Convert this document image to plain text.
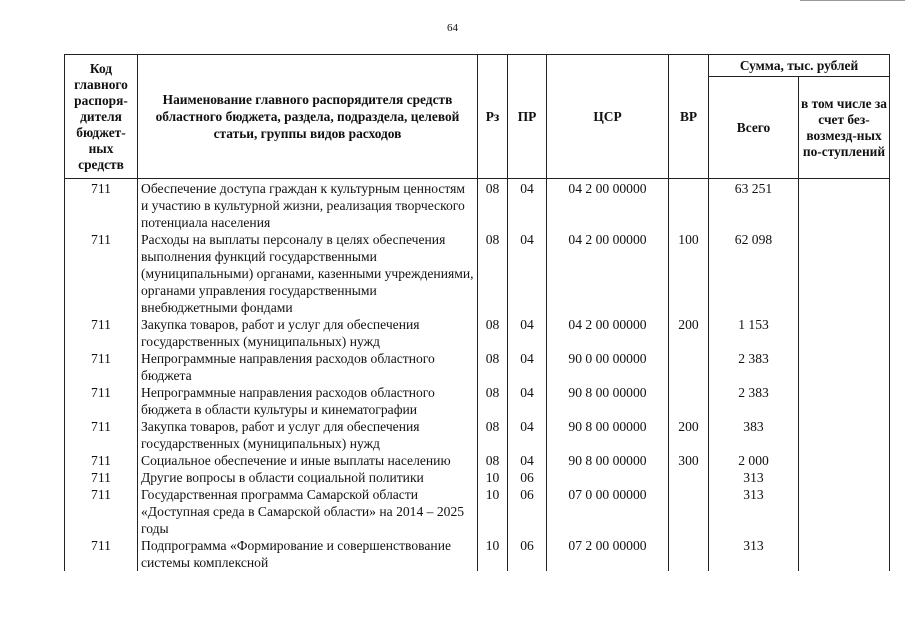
64
Код главного распоря-дителя бюджет-ных средств	Наименование главного распорядителя средств областного бюджета, раздела, подраздела, целевой статьи, группы видов расходов	Рз	ПР	ЦСР	ВР	Сумма, тыс. рублей	
						Всего	в том числе за счет без-возмезд-ных по-ступлений
711	Обеспечение доступа граждан к культурным ценностям и участию в культурной жизни, реализация творческого потенциала населения	08	04	04 2 00 00000		63 251	
711	Расходы на выплаты персоналу в целях обеспечения выполнения функций государственными (муниципальными) органами, казенными учреждениями, органами управления государственными внебюджетными фондами	08	04	04 2 00 00000	100	62 098	
711	Закупка товаров, работ и услуг для обеспечения государственных (муниципальных) нужд	08	04	04 2 00 00000	200	1 153	
711	Непрограммные направления расходов областного бюджета	08	04	90 0 00 00000		2 383	
711	Непрограммные направления расходов областного бюджета в области культуры и кинематографии	08	04	90 8 00 00000		2 383	
711	Закупка товаров, работ и услуг для обеспечения государственных (муниципальных) нужд	08	04	90 8 00 00000	200	383	
711	Социальное обеспечение и иные выплаты населению	08	04	90 8 00 00000	300	2 000	
711	Другие вопросы в области социальной политики	10	06			313	
711	Государственная программа Самарской области «Доступная среда в Самарской области» на 2014 – 2025 годы	10	06	07 0 00 00000		313	
711	Подпрограмма «Формирование и совершенствование системы комплексной	10	06	07 2 00 00000		313	
